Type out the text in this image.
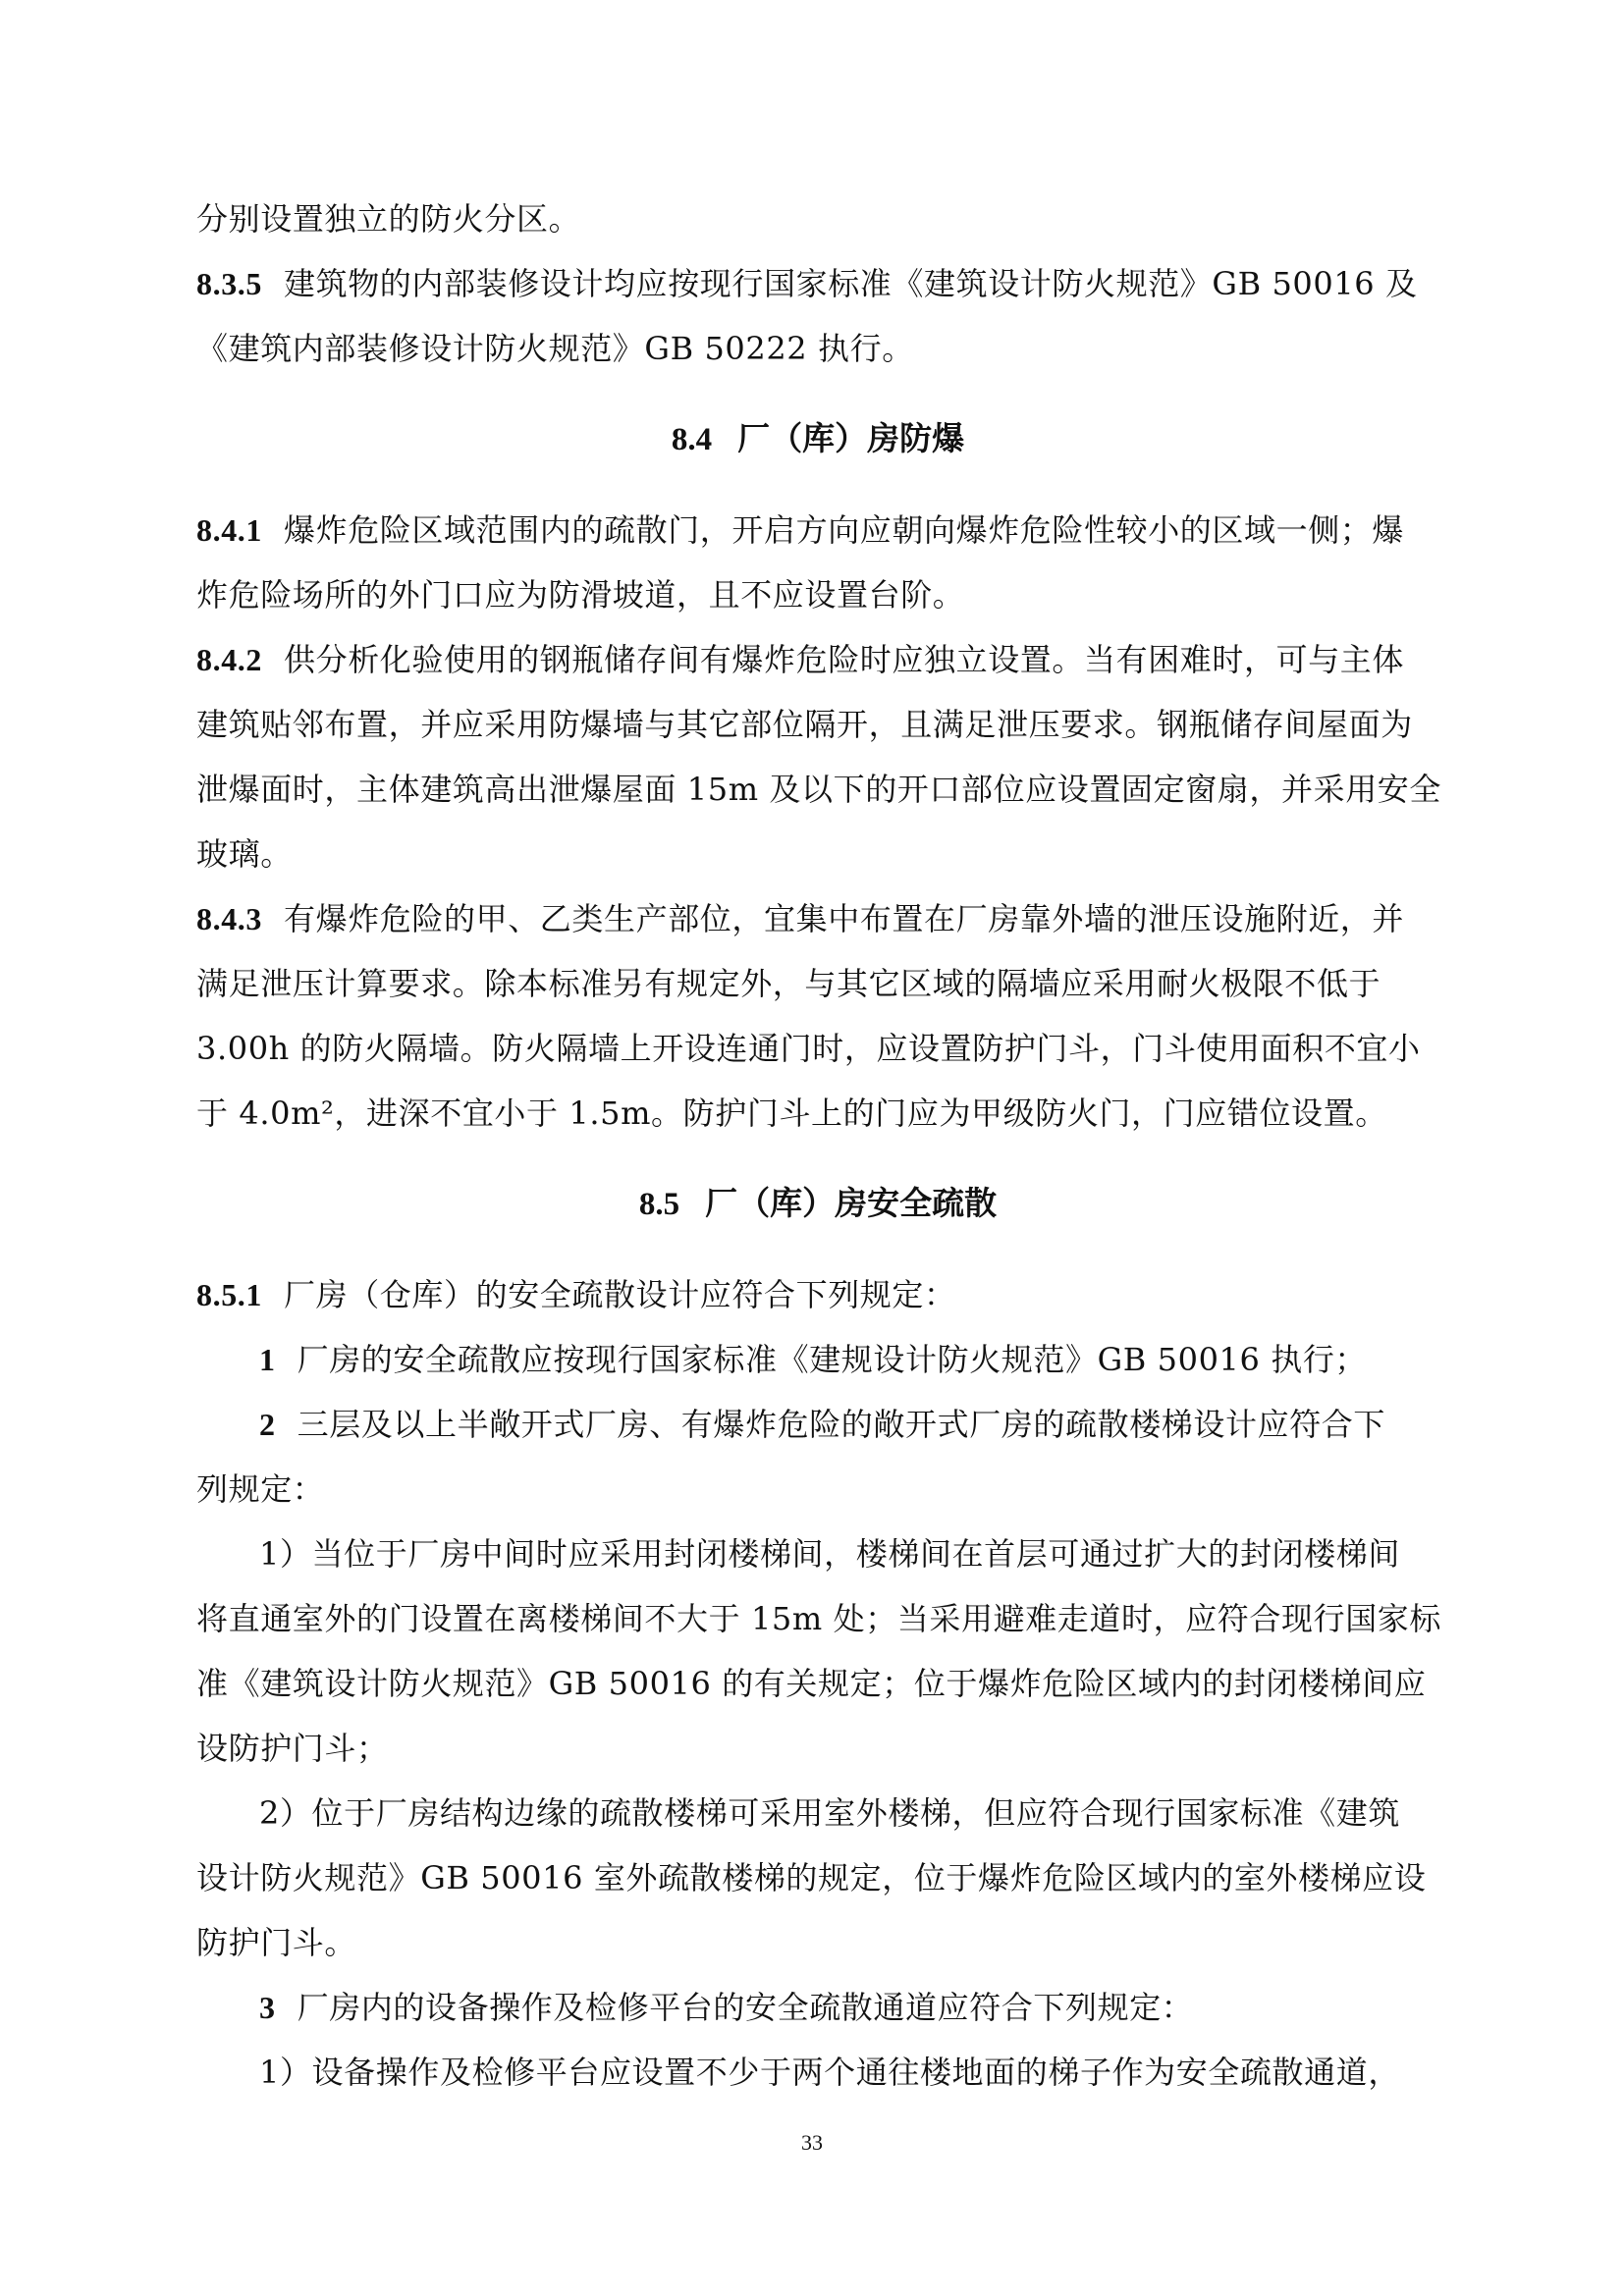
分别设置独立的防火分区。
8.3.5 建筑物的内部装修设计均应按现行国家标准《建筑设计防火规范》GB 50016 及
《建筑内部装修设计防火规范》GB 50222 执行。
8.4 厂（库）房防爆
8.4.1 爆炸危险区域范围内的疏散门，开启方向应朝向爆炸危险性较小的区域一侧；爆
炸危险场所的外门口应为防滑坡道，且不应设置台阶。
8.4.2 供分析化验使用的钢瓶储存间有爆炸危险时应独立设置。当有困难时，可与主体
建筑贴邻布置，并应采用防爆墙与其它部位隔开，且满足泄压要求。钢瓶储存间屋面为
泄爆面时，主体建筑高出泄爆屋面 15m 及以下的开口部位应设置固定窗扇，并采用安全
玻璃。
8.4.3 有爆炸危险的甲、乙类生产部位，宜集中布置在厂房靠外墙的泄压设施附近，并
满足泄压计算要求。除本标准另有规定外，与其它区域的隔墙应采用耐火极限不低于
3.00h 的防火隔墙。防火隔墙上开设连通门时，应设置防护门斗，门斗使用面积不宜小
于 4.0m²，进深不宜小于 1.5m。防护门斗上的门应为甲级防火门，门应错位设置。
8.5 厂（库）房安全疏散
8.5.1 厂房（仓库）的安全疏散设计应符合下列规定：
1 厂房的安全疏散应按现行国家标准《建规设计防火规范》GB 50016 执行；
2 三层及以上半敞开式厂房、有爆炸危险的敞开式厂房的疏散楼梯设计应符合下
列规定：
1）当位于厂房中间时应采用封闭楼梯间，楼梯间在首层可通过扩大的封闭楼梯间
将直通室外的门设置在离楼梯间不大于 15m 处；当采用避难走道时，应符合现行国家标
准《建筑设计防火规范》GB 50016 的有关规定；位于爆炸危险区域内的封闭楼梯间应
设防护门斗；
2）位于厂房结构边缘的疏散楼梯可采用室外楼梯，但应符合现行国家标准《建筑
设计防火规范》GB 50016 室外疏散楼梯的规定，位于爆炸危险区域内的室外楼梯应设
防护门斗。
3 厂房内的设备操作及检修平台的安全疏散通道应符合下列规定：
1）设备操作及检修平台应设置不少于两个通往楼地面的梯子作为安全疏散通道，
33
